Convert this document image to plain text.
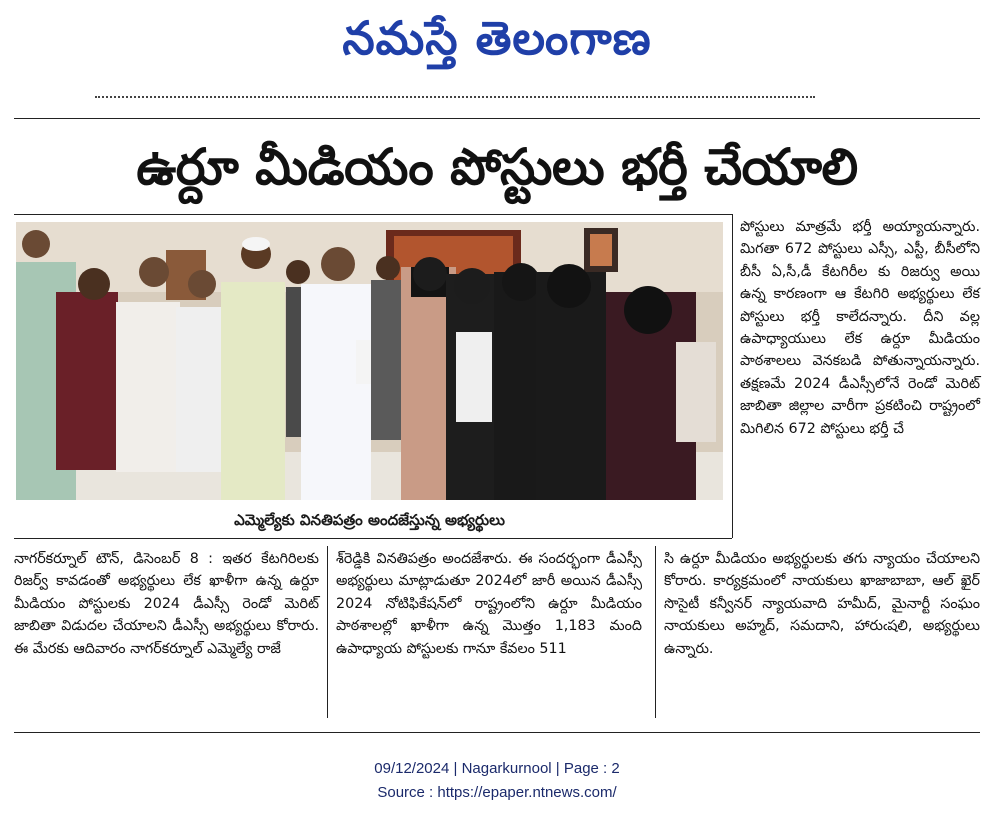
నమస్తే తెలంగాణ
ఉర్దూ మీడియం పోస్టులు భర్తీ చేయాలి
ఎమ్మెల్యేకు వినతిపత్రం అందజేస్తున్న అభ్యర్థులు

పోస్టులు మాత్రమే భర్తీ అయ్యాయన్నారు. మిగతా 672 పోస్టులు ఎస్సీ, ఎస్టీ, బీసీలోని బీసీ ఏ,సీ,డీ కేటగిరీల కు రిజర్వు అయి ఉన్న కారణంగా ఆ కేటగిరి అభ్యర్థులు లేక పోస్టులు భర్తీ కాలేదన్నారు. దీని వల్ల ఉపాధ్యాయులు లేక ఉర్దూ మీడియం పాఠశాలలు వెనకబడి పోతున్నాయన్నారు. తక్షణమే 2024 డీఎస్సీలోనే రెండో మెరిట్ జాబితా జిల్లాల వారీగా ప్రకటించి రాష్ట్రంలో మిగిలిన 672 పోస్టులు భర్తీ చే

నాగర్‌కర్నూల్ టౌన్, డిసెంబర్ 8 : ఇతర కేటగిరిలకు రిజర్వ్ కావడంతో అభ్యర్థులు లేక ఖాళీగా ఉన్న ఉర్దూ మీడియం పోస్టులకు 2024 డీఎస్సీ రెండో మెరిట్ జాబితా విడుదల చేయాలని డీఎస్సీ అభ్యర్థులు కోరారు. ఈ మేరకు ఆదివారం నాగర్‌కర్నూల్ ఎమ్మెల్యే రాజే

శ్‌రెడ్డికి వినతిపత్రం అందజేశారు. ఈ సందర్భంగా డీఎస్సీ అభ్యర్థులు మాట్లాడుతూ 2024లో జారీ అయిన డీఎస్సీ 2024 నోటిఫికేషన్‌లో రాష్ట్రంలోని ఉర్దూ మీడియం పాఠశాలల్లో ఖాళీగా ఉన్న మొత్తం 1,183 మంది ఉపాధ్యాయ పోస్టులకు గానూ కేవలం 511

సి ఉర్దూ మీడియం అభ్యర్థులకు తగు న్యాయం చేయాలని కోరారు. కార్యక్రమంలో నాయకులు ఖాజాబాబా, ఆల్ ఖైర్ సొసైటీ కన్వీనర్ న్యాయవాది హమీద్, మైనార్టీ సంఘం నాయకులు అహ్మద్, సమదాని, హారుఁషలి, అభ్యర్థులు ఉన్నారు.

09/12/2024 | Nagarkurnool | Page : 2
Source : https://epaper.ntnews.com/
